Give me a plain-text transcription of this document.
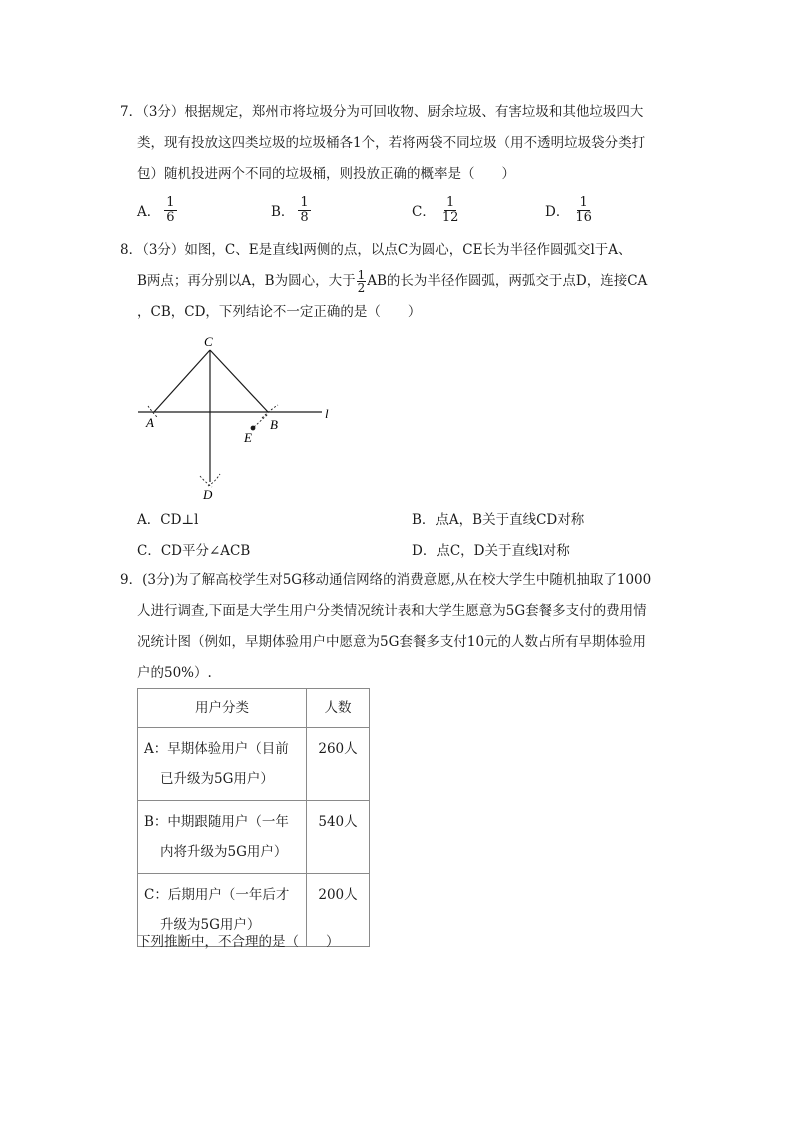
7．（3分）根据规定，郑州市将垃圾分为可回收物、厨余垃圾、有害垃圾和其他垃圾四大
类，现有投放这四类垃圾的垃圾桶各1个，若将两袋不同垃圾（用不透明垃圾袋分类打
包）随机投进两个不同的垃圾桶，则投放正确的概率是（　　）
A． $\frac{1}{6}$	B． $\frac{1}{8}$	C． $\frac{1}{12}$	D． $\frac{1}{16}$
8．（3分）如图，C、E是直线l两侧的点，以点C为圆心，CE长为半径作圆弧交l于A、
B两点；再分别以A，B为圆心，大于 $\frac{1}{2}$ AB的长为半径作圆弧，两弧交于点D，连接CA
，CB，CD，下列结论不一定正确的是（　　）
C
A	B
E
D
l
A．CD⊥l	B．点A，B关于直线CD对称
C．CD平分∠ACB	D．点C，D关于直线l对称
9．(3分)为了解高校学生对5G移动通信网络的消费意愿,从在校大学生中随机抽取了1000
人进行调查,下面是大学生用户分类情况统计表和大学生愿意为5G套餐多支付的费用情
况统计图（例如，早期体验用户中愿意为5G套餐多支付10元的人数占所有早期体验用
户的50%）.
用户分类	人数

A：早期体验用户（目前
已升级为5G用户）	260人

B：中期跟随用户（一年
内将升级为5G用户）	540人

C：后期用户（一年后才
升级为5G用户）	200人
下列推断中，不合理的是（　　）
